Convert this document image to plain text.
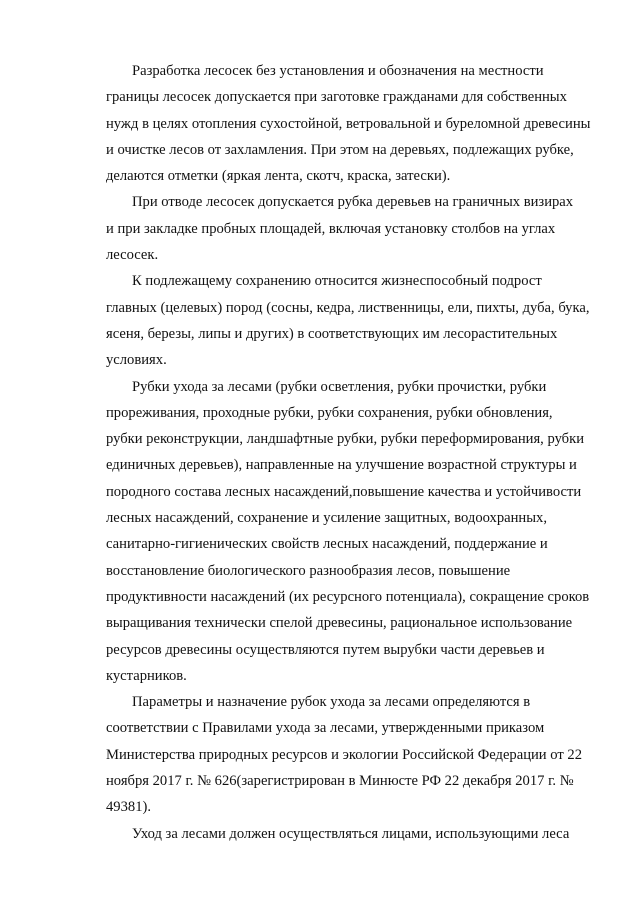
Разработка лесосек без установления и обозначения на местности
границы лесосек допускается при заготовке гражданами для собственных
нужд в целях отопления сухостойной, ветровальной и буреломной древесины
и очистке лесов от захламления. При этом на деревьях, подлежащих рубке,
делаются отметки (яркая лента, скотч, краска, затески).
При отводе лесосек допускается рубка деревьев на граничных визирах
и при закладке пробных площадей, включая установку столбов на углах
лесосек.
К подлежащему сохранению относится жизнеспособный подрост
главных (целевых) пород (сосны, кедра, лиственницы, ели, пихты, дуба, бука,
ясеня, березы, липы и других) в соответствующих им лесорастительных
условиях.
Рубки ухода за лесами (рубки осветления, рубки прочистки, рубки
прореживания, проходные рубки, рубки сохранения, рубки обновления,
рубки реконструкции, ландшафтные рубки, рубки переформирования, рубки
единичных деревьев), направленные на улучшение возрастной структуры и
породного состава лесных насаждений,повышение качества и устойчивости
лесных насаждений, сохранение и усиление защитных, водоохранных,
санитарно-гигиенических свойств лесных насаждений, поддержание и
восстановление биологического разнообразия лесов, повышение
продуктивности насаждений (их ресурсного потенциала), сокращение сроков
выращивания технически спелой древесины, рациональное использование
ресурсов древесины осуществляются путем вырубки части деревьев и
кустарников.
Параметры и назначение рубок ухода за лесами определяются в
соответствии с Правилами ухода за лесами, утвержденными приказом
Министерства природных ресурсов и экологии Российской Федерации от 22
ноября 2017 г. № 626(зарегистрирован в Минюсте РФ 22 декабря 2017 г. №
49381).
Уход за лесами должен осуществляться лицами, использующими леса
